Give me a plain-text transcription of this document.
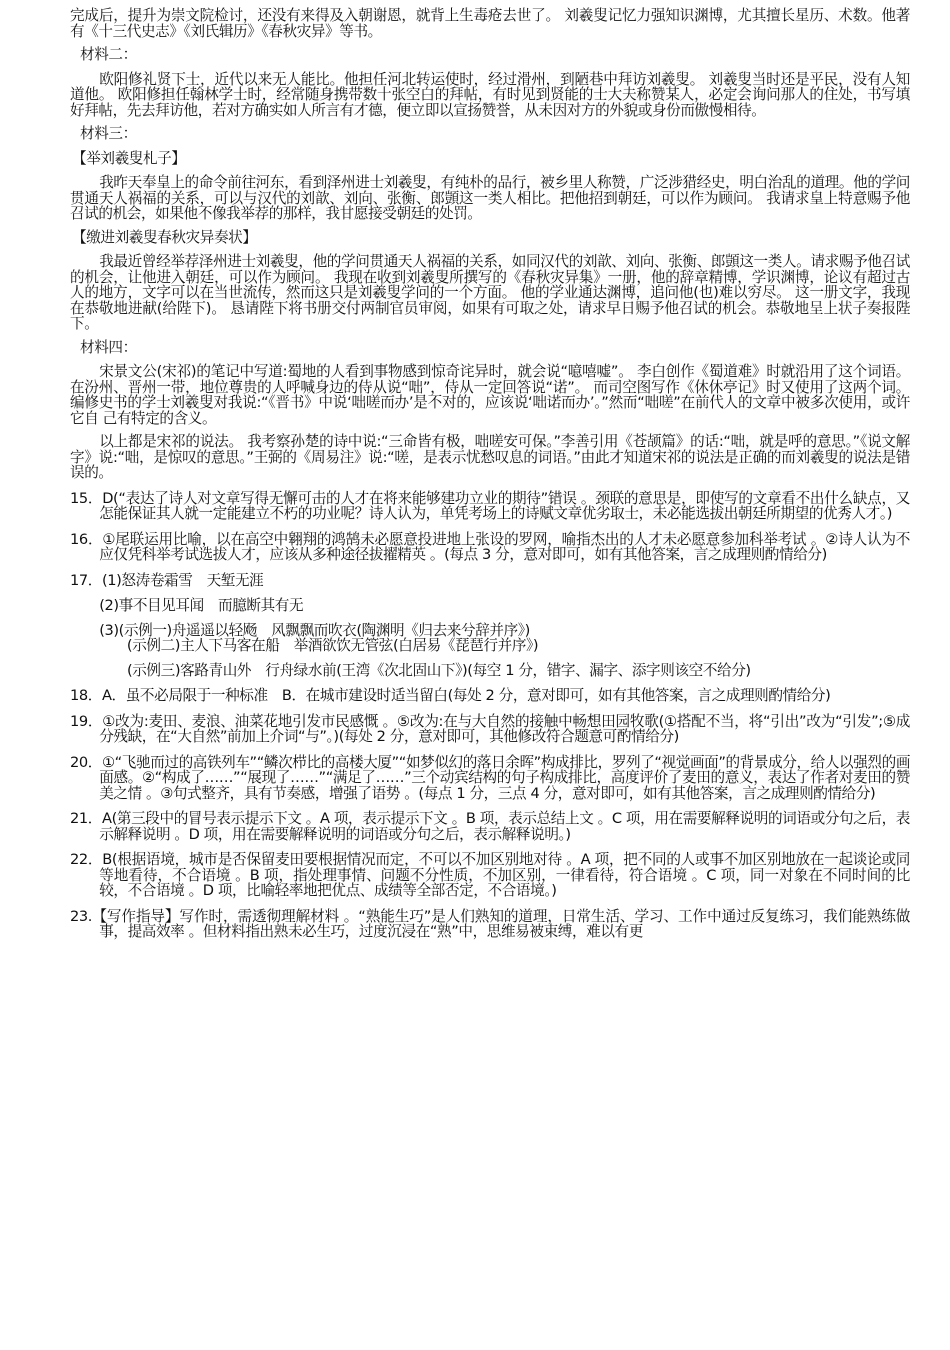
完成后，提升为崇文院检讨，还没有来得及入朝谢恩，就背上生毒疮去世了。 刘羲叟记忆力强知识渊博，尤其擅长星历、术数。他著有《十三代史志》《刘氏辑历》《春秋灾异》等书。

材料二：

欧阳修礼贤下士，近代以来无人能比。他担任河北转运使时，经过滑州，到陋巷中拜访刘羲叟。 刘羲叟当时还是平民，没有人知道他。 欧阳修担任翰林学士时，经常随身携带数十张空白的拜帖，有时见到贤能的士大夫称赞某人，必定会询问那人的住处，书写填好拜帖，先去拜访他，若对方确实如人所言有才德，便立即以宣扬赞誉，从未因对方的外貌或身份而傲慢相待。

材料三：

【举刘羲叟札子】

我昨天奉皇上的命令前往河东，看到泽州进士刘羲叟，有纯朴的品行，被乡里人称赞，广泛涉猎经史，明白治乱的道理。他的学问贯通天人祸福的关系，可以与汉代的刘歆、刘向、张衡、郎顗这一类人相比。把他招到朝廷，可以作为顾问。 我请求皇上特意赐予他召试的机会，如果他不像我举荐的那样，我甘愿接受朝廷的处罚。

【缴进刘羲叟春秋灾异奏状】

我最近曾经举荐泽州进士刘羲叟，他的学问贯通天人祸福的关系，如同汉代的刘歆、刘向、张衡、郎顗这一类人。请求赐予他召试的机会，让他进入朝廷，可以作为顾问。 我现在收到刘羲叟所撰写的《春秋灾异集》一册，他的辞章精博，学识渊博，论议有超过古人的地方，文字可以在当世流传，然而这只是刘羲叟学问的一个方面。 他的学业通达渊博，追问他(也)难以穷尽。 这一册文字，我现在恭敬地进献(给陛下)。 恳请陛下将书册交付两制官员审阅，如果有可取之处，请求早日赐予他召试的机会。恭敬地呈上状子奏报陛下。

材料四：

宋景文公(宋祁)的笔记中写道:蜀地的人看到事物感到惊奇诧异时，就会说“噫嘻嘘”。 李白创作《蜀道难》时就沿用了这个词语。在汾州、晋州一带，地位尊贵的人呼喊身边的侍从说“咄”，侍从一定回答说“诺”。 而司空图写作《休休亭记》时又使用了这两个词。 编修史书的学士刘羲叟对我说:“《晋书》中说‘咄嗟而办’是不对的，应该说‘咄诺而办’。”然而“咄嗟”在前代人的文章中被多次使用，或许它自 己有特定的含义。

以上都是宋祁的说法。 我考察孙楚的诗中说:“三命皆有极，咄嗟安可保。”李善引用《苍颉篇》的话:“咄，就是呼的意思。”《说文解字》说:“咄，是惊叹的意思。”王弼的《周易注》说:“嗟，是表示忧愁叹息的词语。”由此才知道宋祁的说法是正确的而刘羲叟的说法是错误的。

15．D(“表达了诗人对文章写得无懈可击的人才在将来能够建功立业的期待”错误 。颈联的意思是，即使写的文章看不出什么缺点，又怎能保证其人就一定能建立不朽的功业呢？诗人认为，单凭考场上的诗赋文章优劣取士，未必能选拔出朝廷所期望的优秀人才。)

16．①尾联运用比喻，以在高空中翱翔的鸿鹄未必愿意投进地上张设的罗网，喻指杰出的人才未必愿意参加科举考试 。②诗人认为不应仅凭科举考试选拔人才，应该从多种途径拔擢精英 。(每点 3 分，意对即可，如有其他答案，言之成理则酌情给分)

17．(1)怒涛卷霜雪　天堑无涯

(2)事不目见耳闻　而臆断其有无

(3)(示例一)舟遥遥以轻飏　风飘飘而吹衣(陶渊明《归去来兮辞并序》)
(示例二)主人下马客在船　举酒欲饮无管弦(白居易《琵琶行并序》)

(示例三)客路青山外　行舟绿水前(王湾《次北固山下》)(每空 1 分，错字、漏字、添字则该空不给分)

18．A．虽不必局限于一种标准　B．在城市建设时适当留白(每处 2 分，意对即可，如有其他答案，言之成理则酌情给分)

19．①改为:麦田、麦浪、油菜花地引发市民感慨 。⑤改为:在与大自然的接触中畅想田园牧歌(①搭配不当，将“引出”改为“引发”;⑤成分残缺，在“大自然”前加上介词“与”。)(每处 2 分，意对即可，其他修改符合题意可酌情给分)

20．①“飞驰而过的高铁列车”“鳞次栉比的高楼大厦”“如梦似幻的落日余晖”构成排比，罗列了“视觉画面”的背景成分，给人以强烈的画面感。②“构成了……”“展现了……”“满足了……”三个动宾结构的句子构成排比，高度评价了麦田的意义，表达了作者对麦田的赞美之情 。③句式整齐，具有节奏感，增强了语势 。(每点 1 分，三点 4 分，意对即可，如有其他答案，言之成理则酌情给分)

21．A(第三段中的冒号表示提示下文 。A 项，表示提示下文 。B 项，表示总结上文 。C 项，用在需要解释说明的词语或分句之后，表示解释说明 。D 项，用在需要解释说明的词语或分句之后，表示解释说明。)

22．B(根据语境，城市是否保留麦田要根据情况而定，不可以不加区别地对待 。A 项，把不同的人或事不加区别地放在一起谈论或同等地看待，不合语境 。B 项，指处理事情、问题不分性质，不加区别，一律看待，符合语境 。C 项，同一对象在不同时间的比较，不合语境 。D 项，比喻轻率地把优点、成绩等全部否定，不合语境。)

23.【写作指导】写作时，需透彻理解材料 。“熟能生巧”是人们熟知的道理，日常生活、学习、工作中通过反复练习，我们能熟练做事，提高效率 。但材料指出熟未必生巧，过度沉浸在“熟”中，思维易被束缚，难以有更
